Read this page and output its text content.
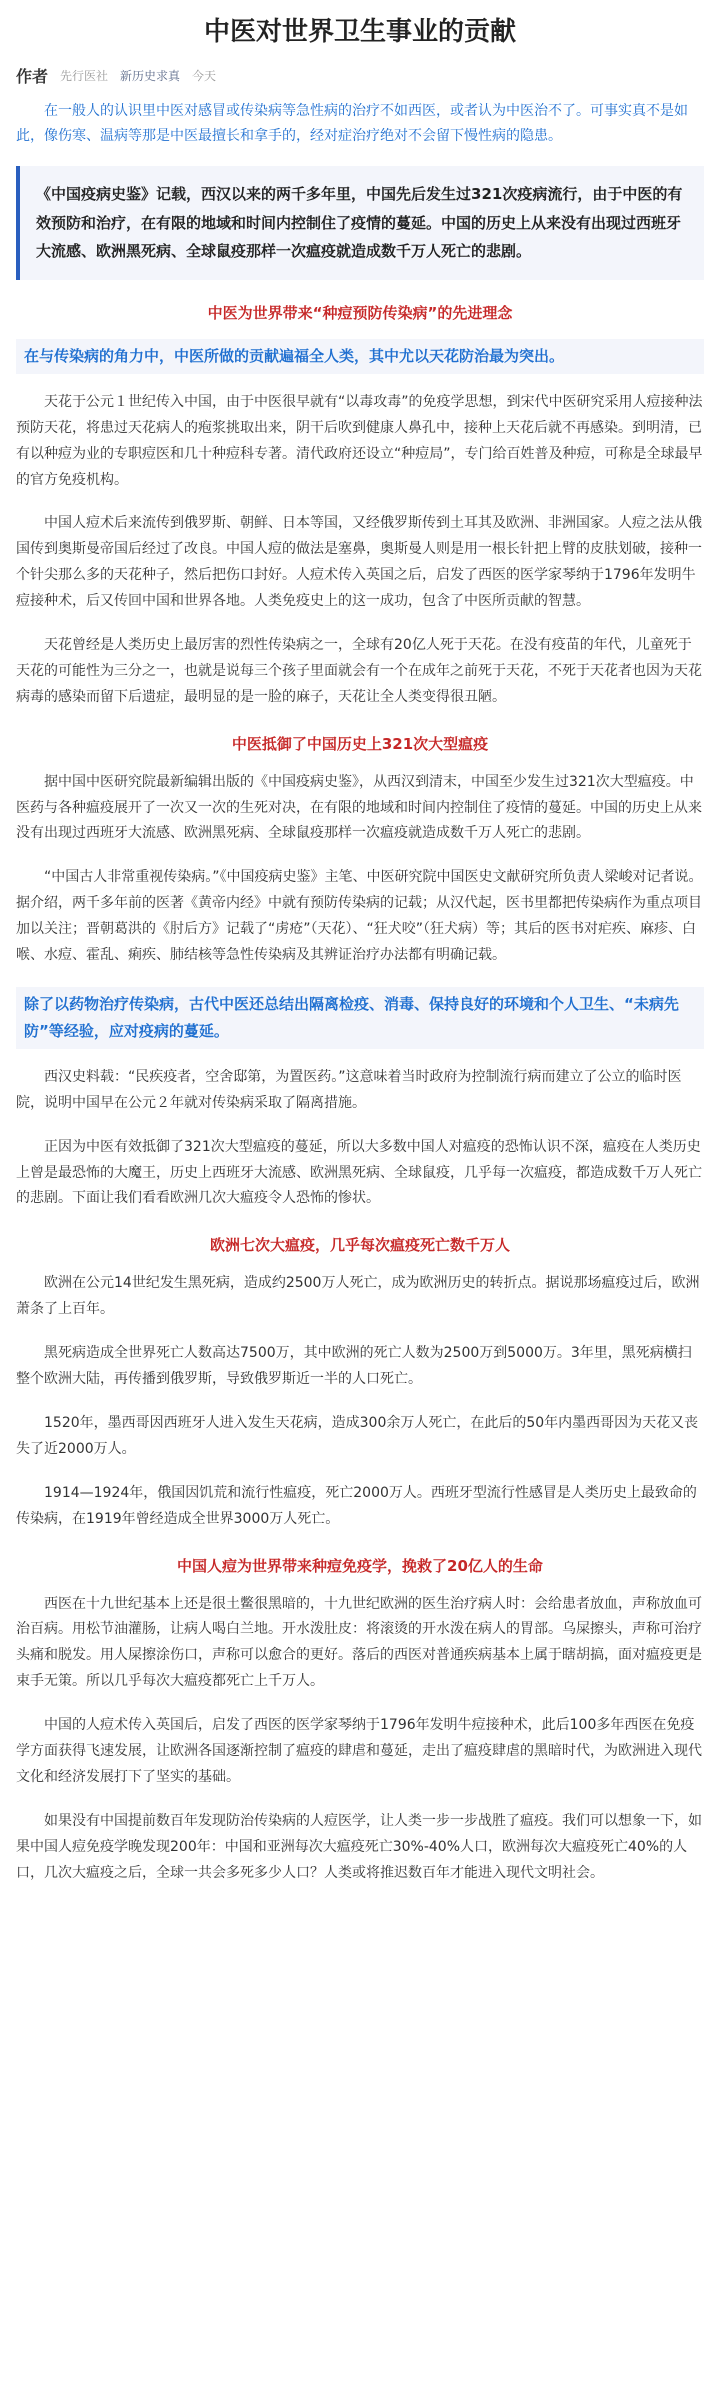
中医对世界卫生事业的贡献
作者 先行医社 新历史求真 今天

在一般人的认识里中医对感冒或传染病等急性病的治疗不如西医，或者认为中医治不了。可事实真不是如此，像伤寒、温病等那是中医最擅长和拿手的，经对症治疗绝对不会留下慢性病的隐患。

《中国疫病史鉴》记载，西汉以来的两千多年里，中国先后发生过321次疫病流行，由于中医的有效预防和治疗，在有限的地域和时间内控制住了疫情的蔓延。中国的历史上从来没有出现过西班牙大流感、欧洲黑死病、全球鼠疫那样一次瘟疫就造成数千万人死亡的悲剧。

中医为世界带来“种痘预防传染病”的先进理念
在与传染病的角力中，中医所做的贡献遍福全人类，其中尤以天花防治最为突出。

天花于公元１世纪传入中国，由于中医很早就有“以毒攻毒”的免疫学思想，到宋代中医研究采用人痘接种法预防天花，将患过天花病人的疱浆挑取出来，阴干后吹到健康人鼻孔中，接种上天花后就不再感染。到明清，已有以种痘为业的专职痘医和几十种痘科专著。清代政府还设立“种痘局”，专门给百姓普及种痘，可称是全球最早的官方免疫机构。

中国人痘术后来流传到俄罗斯、朝鲜、日本等国，又经俄罗斯传到土耳其及欧洲、非洲国家。人痘之法从俄国传到奥斯曼帝国后经过了改良。中国人痘的做法是塞鼻，奥斯曼人则是用一根长针把上臂的皮肤划破，接种一个针尖那么多的天花种子，然后把伤口封好。人痘术传入英国之后，启发了西医的医学家琴纳于1796年发明牛痘接种术，后又传回中国和世界各地。人类免疫史上的这一成功，包含了中医所贡献的智慧。

天花曾经是人类历史上最厉害的烈性传染病之一，全球有20亿人死于天花。在没有疫苗的年代，儿童死于天花的可能性为三分之一，也就是说每三个孩子里面就会有一个在成年之前死于天花，不死于天花者也因为天花病毒的感染而留下后遗症，最明显的是一脸的麻子，天花让全人类变得很丑陋。

中医抵御了中国历史上321次大型瘟疫

据中国中医研究院最新编辑出版的《中国疫病史鉴》，从西汉到清末，中国至少发生过321次大型瘟疫。中医药与各种瘟疫展开了一次又一次的生死对决，在有限的地域和时间内控制住了疫情的蔓延。中国的历史上从来没有出现过西班牙大流感、欧洲黑死病、全球鼠疫那样一次瘟疫就造成数千万人死亡的悲剧。

“中国古人非常重视传染病。”《中国疫病史鉴》主笔、中医研究院中国医史文献研究所负责人梁峻对记者说。据介绍，两千多年前的医著《黄帝内经》中就有预防传染病的记载；从汉代起，医书里都把传染病作为重点项目加以关注；晋朝葛洪的《肘后方》记载了“虏疮”（天花）、“狂犬咬”（狂犬病）等；其后的医书对疟疾、麻疹、白喉、水痘、霍乱、痢疾、肺结核等急性传染病及其辨证治疗办法都有明确记载。

除了以药物治疗传染病，古代中医还总结出隔离检疫、消毒、保持良好的环境和个人卫生、“未病先防”等经验，应对疫病的蔓延。

西汉史料载：“民疾疫者，空舍邸第，为置医药。”这意味着当时政府为控制流行病而建立了公立的临时医院，说明中国早在公元２年就对传染病采取了隔离措施。

正因为中医有效抵御了321次大型瘟疫的蔓延，所以大多数中国人对瘟疫的恐怖认识不深，瘟疫在人类历史上曾是最恐怖的大魔王，历史上西班牙大流感、欧洲黑死病、全球鼠疫，几乎每一次瘟疫，都造成数千万人死亡的悲剧。下面让我们看看欧洲几次大瘟疫令人恐怖的惨状。

欧洲七次大瘟疫，几乎每次瘟疫死亡数千万人

欧洲在公元14世纪发生黑死病，造成约2500万人死亡，成为欧洲历史的转折点。据说那场瘟疫过后，欧洲萧条了上百年。

黑死病造成全世界死亡人数高达7500万，其中欧洲的死亡人数为2500万到5000万。3年里，黑死病横扫整个欧洲大陆，再传播到俄罗斯，导致俄罗斯近一半的人口死亡。

1520年，墨西哥因西班牙人进入发生天花病，造成300余万人死亡，在此后的50年内墨西哥因为天花又丧失了近2000万人。

1914—1924年，俄国因饥荒和流行性瘟疫，死亡2000万人。西班牙型流行性感冒是人类历史上最致命的传染病，在1919年曾经造成全世界3000万人死亡。

中国人痘为世界带来种痘免疫学，挽救了20亿人的生命

西医在十九世纪基本上还是很土鳖很黑暗的，十九世纪欧洲的医生治疗病人时：会给患者放血，声称放血可治百病。用松节油灌肠，让病人喝白兰地。开水泼肚皮：将滚烫的开水泼在病人的胃部。乌屎擦头，声称可治疗头痛和脱发。用人屎擦涂伤口，声称可以愈合的更好。落后的西医对普通疾病基本上属于瞎胡搞，面对瘟疫更是束手无策。所以几乎每次大瘟疫都死亡上千万人。

中国的人痘术传入英国后，启发了西医的医学家琴纳于1796年发明牛痘接种术，此后100多年西医在免疫学方面获得飞速发展，让欧洲各国逐渐控制了瘟疫的肆虐和蔓延，走出了瘟疫肆虐的黑暗时代，为欧洲进入现代文化和经济发展打下了坚实的基础。

如果没有中国提前数百年发现防治传染病的人痘医学，让人类一步一步战胜了瘟疫。我们可以想象一下，如果中国人痘免疫学晚发现200年：中国和亚洲每次大瘟疫死亡30%-40%人口，欧洲每次大瘟疫死亡40%的人口，几次大瘟疫之后，全球一共会多死多少人口？人类或将推迟数百年才能进入现代文明社会。
